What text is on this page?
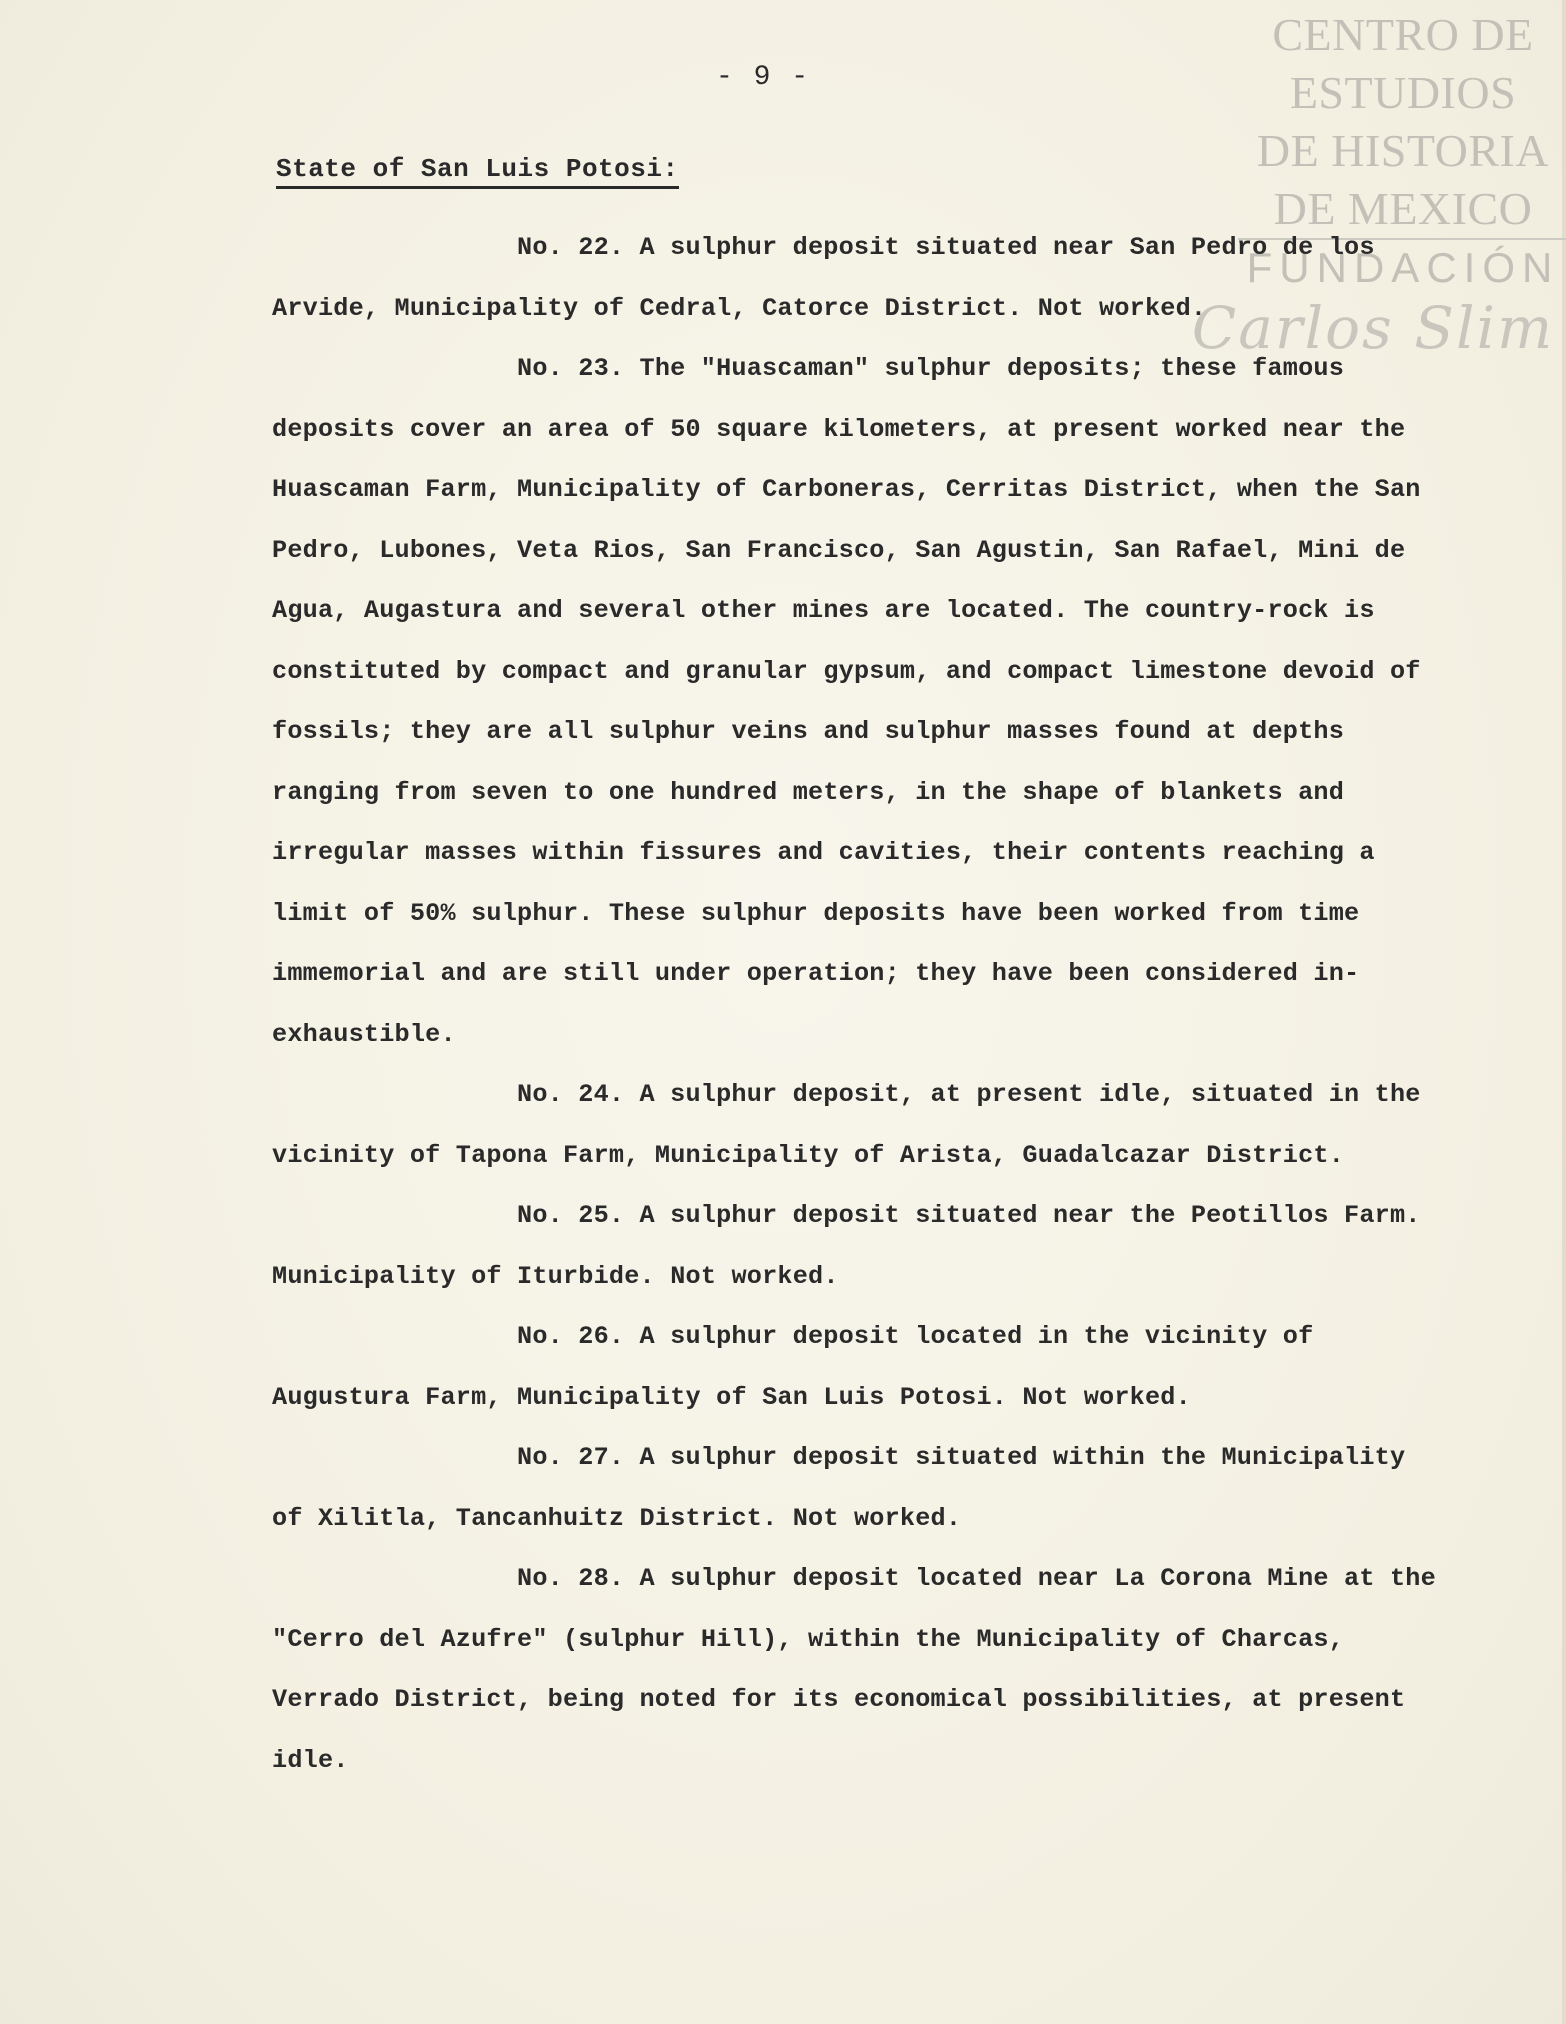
CENTRO DE
ESTUDIOS
DE HISTORIA
DE MEXICO
FUNDACIÓN
Carlos Slim
- 9 -
State of San Luis Potosi:

No. 22. A sulphur deposit situated near San Pedro de los Arvide, Municipality of Cedral, Catorce District. Not worked.

No. 23. The "Huascaman" sulphur deposits; these famous deposits cover an area of 50 square kilometers, at present worked near the Huascaman Farm, Municipality of Carboneras, Cerritas District, when the San Pedro, Lubones, Veta Rios, San Francisco, San Agustin, San Rafael, Mini de Agua, Augastura and several other mines are located. The country-rock is constituted by compact and granular gypsum, and compact limestone devoid of fossils; they are all sulphur veins and sulphur masses found at depths ranging from seven to one hundred meters, in the shape of blankets and irregular masses within fissures and cavities, their contents reaching a limit of 50% sulphur. These sulphur deposits have been worked from time immemorial and are still under operation; they have been considered in-exhaustible.

No. 24. A sulphur deposit, at present idle, situated in the vicinity of Tapona Farm, Municipality of Arista, Guadalcazar District.

No. 25. A sulphur deposit situated near the Peotillos Farm. Municipality of Iturbide. Not worked.

No. 26. A sulphur deposit located in the vicinity of Augustura Farm, Municipality of San Luis Potosi. Not worked.

No. 27. A sulphur deposit situated within the Municipality of Xilitla, Tancanhuitz District. Not worked.

No. 28. A sulphur deposit located near La Corona Mine at the "Cerro del Azufre" (sulphur Hill), within the Municipality of Charcas, Verrado District, being noted for its economical possibilities, at present idle.
